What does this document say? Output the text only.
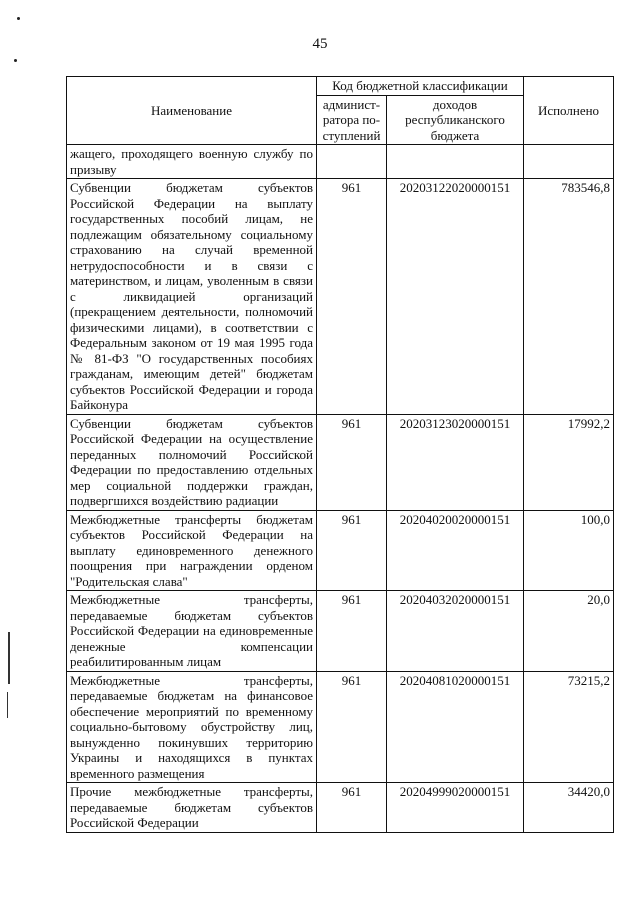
45
Наименование	Код бюджетной классификации		Исполнено
	админист-ратора по-ступлений	доходов республиканского бюджета	
жащего, проходящего военную службу по призыву			
Субвенции бюджетам субъектов Российской Федерации на выплату государственных пособий лицам, не подлежащим обязательному социальному страхованию на случай временной нетрудоспособности и в связи с материнством, и лицам, уволенным в связи с ликвидацией организаций (прекращением деятельности, полномочий физическими лицами), в соответствии с Федеральным законом от 19 мая 1995 года № 81-ФЗ "О государственных пособиях гражданам, имеющим детей" бюджетам субъектов Российской Федерации и города Байконура	961	20203122020000151	783546,8
Субвенции бюджетам субъектов Российской Федерации на осуществление переданных полномочий Российской Федерации по предоставлению отдельных мер социальной поддержки граждан, подвергшихся воздействию радиации	961	20203123020000151	17992,2
Межбюджетные трансферты бюджетам субъектов Российской Федерации на выплату единовременного денежного поощрения при награждении орденом "Родительская слава"	961	20204020020000151	100,0
Межбюджетные трансферты, передаваемые бюджетам субъектов Российской Федерации на единовременные денежные компенсации реабилитированным лицам	961	20204032020000151	20,0
Межбюджетные трансферты, передаваемые бюджетам на финансовое обеспечение мероприятий по временному социально-бытовому обустройству лиц, вынужденно покинувших территорию Украины и находящихся в пунктах временного размещения	961	20204081020000151	73215,2
Прочие межбюджетные трансферты, передаваемые бюджетам субъектов Российской Федерации	961	20204999020000151	34420,0
